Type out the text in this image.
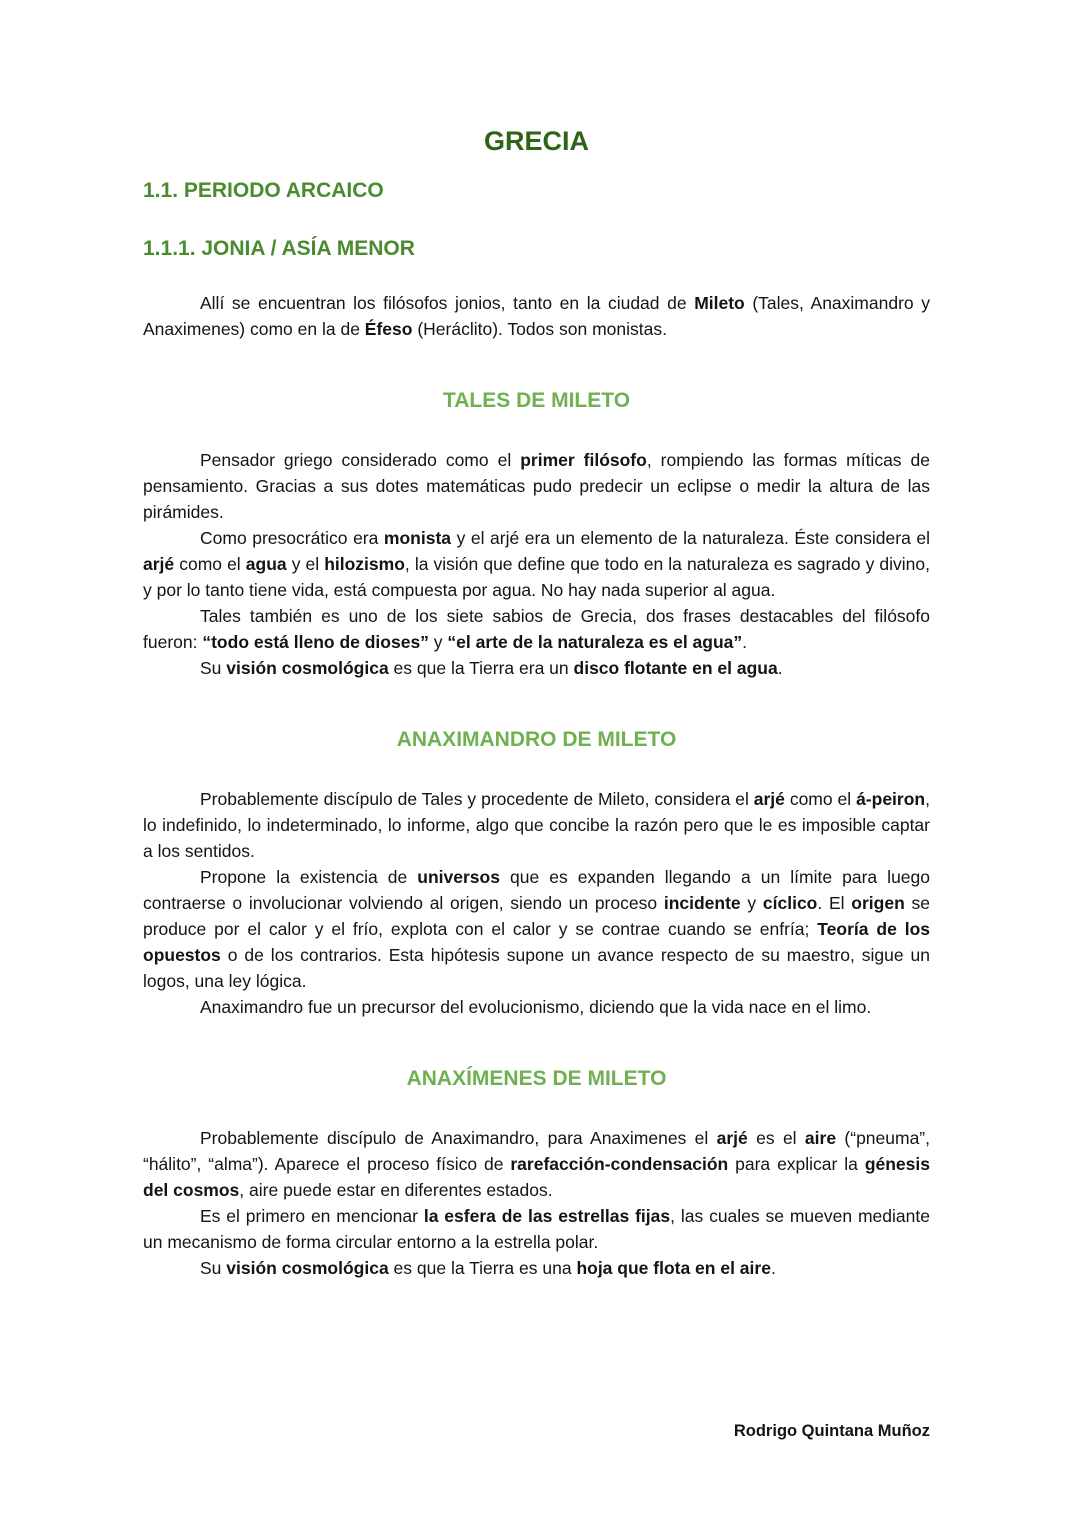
GRECIA
1.1. PERIODO ARCAICO
1.1.1. JONIA / ASÍA MENOR

Allí se encuentran los filósofos jonios, tanto en la ciudad de Mileto (Tales, Anaximandro y Anaximenes) como en la de Éfeso (Heráclito). Todos son monistas.

TALES DE MILETO

Pensador griego considerado como el primer filósofo, rompiendo las formas míticas de pensamiento. Gracias a sus dotes matemáticas pudo predecir un eclipse o medir la altura de las pirámides.

Como presocrático era monista y el arjé era un elemento de la naturaleza. Éste considera el arjé como el agua y el hilozismo, la visión que define que todo en la naturaleza es sagrado y divino, y por lo tanto tiene vida, está compuesta por agua. No hay nada superior al agua.

Tales también es uno de los siete sabios de Grecia, dos frases destacables del filósofo fueron: “todo está lleno de dioses” y “el arte de la naturaleza es el agua”.

Su visión cosmológica es que la Tierra era un disco flotante en el agua.

ANAXIMANDRO DE MILETO

Probablemente discípulo de Tales y procedente de Mileto, considera el arjé como el á-peiron, lo indefinido, lo indeterminado, lo informe, algo que concibe la razón pero que le es imposible captar a los sentidos.

Propone la existencia de universos que es expanden llegando a un límite para luego contraerse o involucionar volviendo al origen, siendo un proceso incidente y cíclico. El origen se produce por el calor y el frío, explota con el calor y se contrae cuando se enfría; Teoría de los opuestos o de los contrarios. Esta hipótesis supone un avance respecto de su maestro, sigue un logos, una ley lógica.

Anaximandro fue un precursor del evolucionismo, diciendo que la vida nace en el limo.

ANAXÍMENES DE MILETO

Probablemente discípulo de Anaximandro, para Anaximenes el arjé es el aire (“pneuma”, “hálito”, “alma”). Aparece el proceso físico de rarefacción-condensación para explicar la génesis del cosmos, aire puede estar en diferentes estados.

Es el primero en mencionar la esfera de las estrellas fijas, las cuales se mueven mediante un mecanismo de forma circular entorno a la estrella polar.

Su visión cosmológica es que la Tierra es una hoja que flota en el aire.

Rodrigo Quintana Muñoz
